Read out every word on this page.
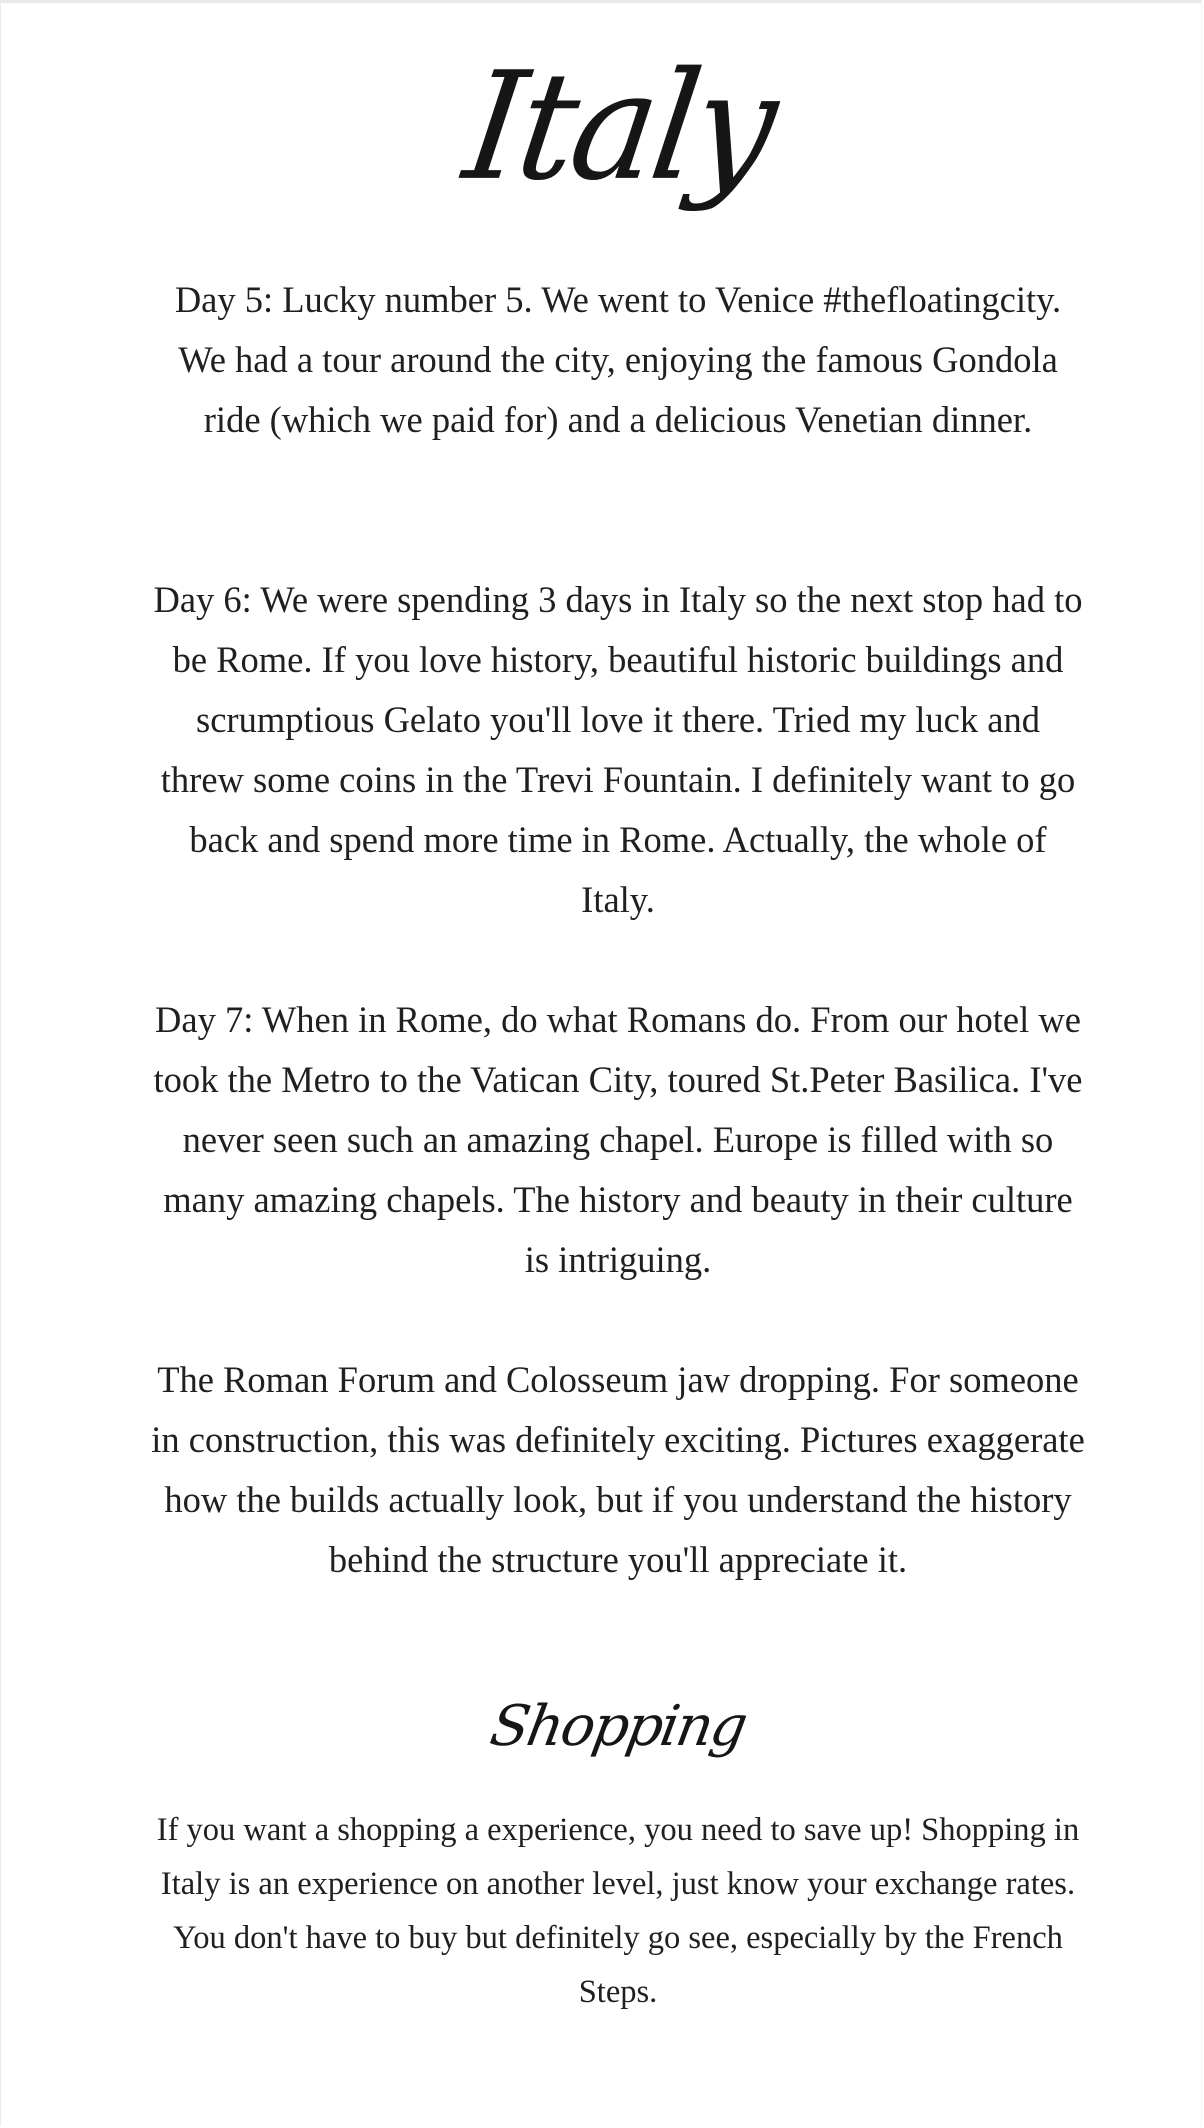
Italy

Day 5: Lucky number 5. We went to Venice #thefloatingcity. We had a tour around the city, enjoying the famous Gondola ride (which we paid for) and a delicious Venetian dinner.

Day 6: We were spending 3 days in Italy so the next stop had to be Rome. If you love history, beautiful historic buildings and scrumptious Gelato you'll love it there. Tried my luck and threw some coins in the Trevi Fountain. I definitely want to go back and spend more time in Rome. Actually, the whole of Italy.

Day 7: When in Rome, do what Romans do. From our hotel we took the Metro to the Vatican City, toured St.Peter Basilica. I've never seen such an amazing chapel. Europe is filled with so many amazing chapels. The history and beauty in their culture is intriguing.

The Roman Forum and Colosseum jaw dropping. For someone in construction, this was definitely exciting. Pictures exaggerate how the builds actually look, but if you understand the history behind the structure you'll appreciate it.

Shopping

If you want a shopping a experience, you need to save up! Shopping in Italy is an experience on another level, just know your exchange rates. You don't have to buy but definitely go see, especially by the French Steps.
